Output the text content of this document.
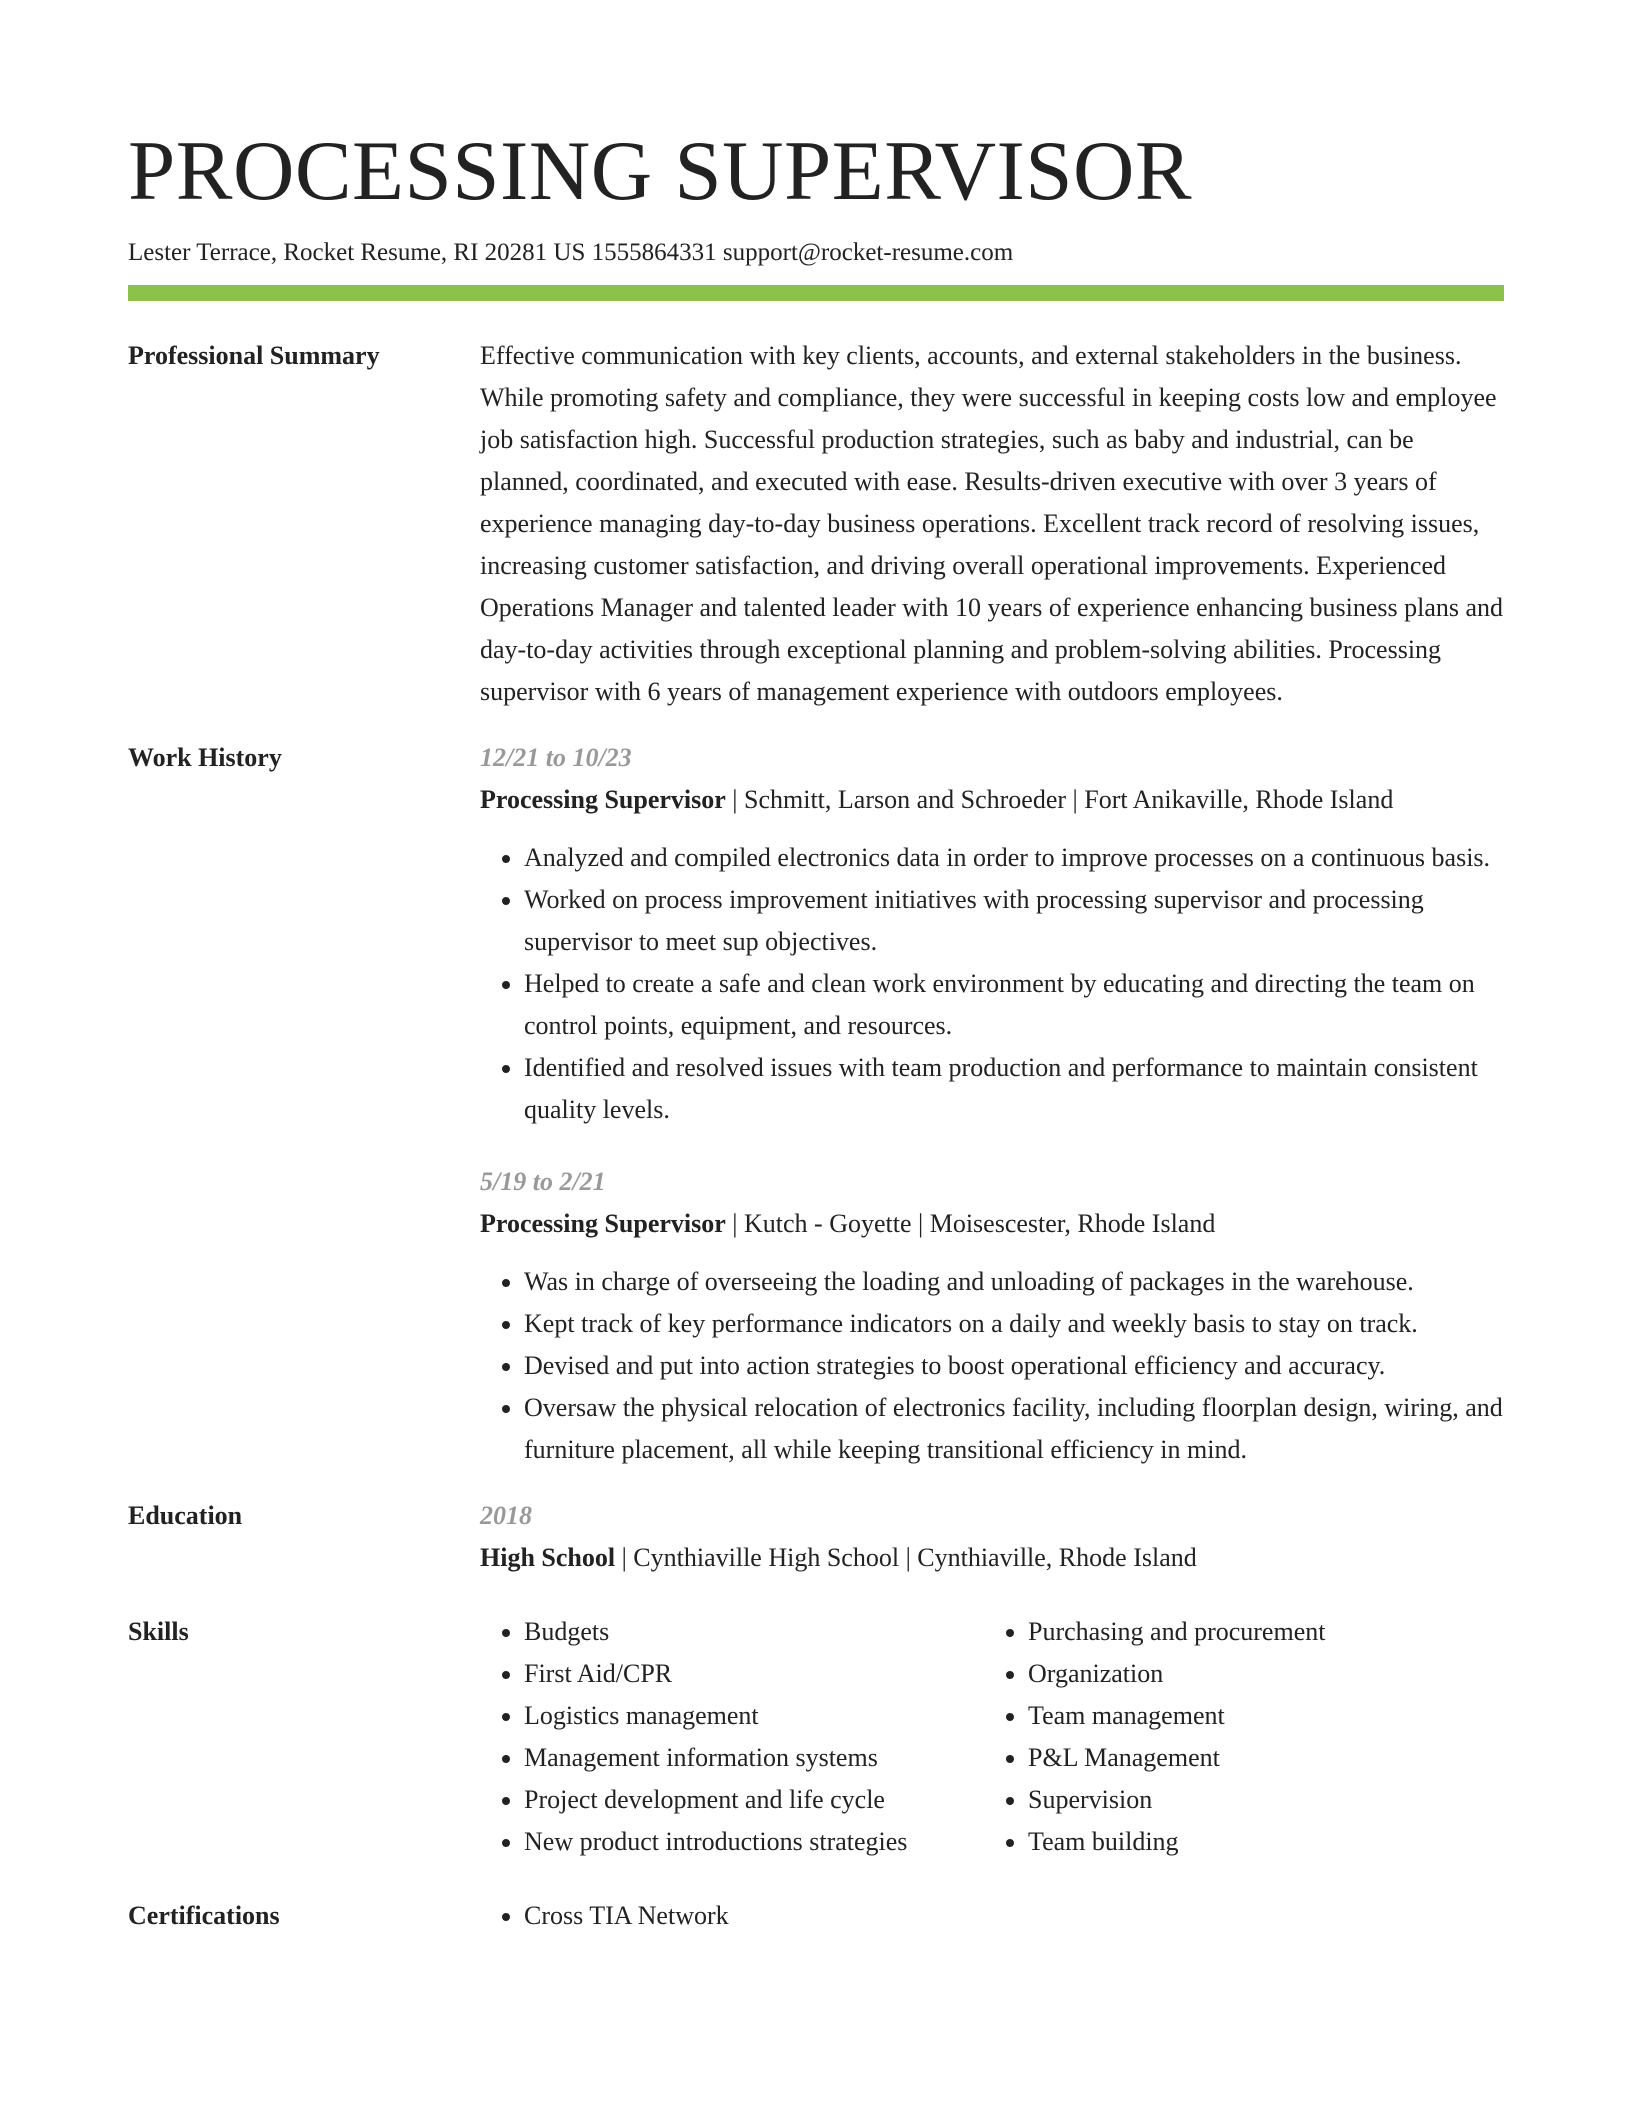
PROCESSING SUPERVISOR
Lester Terrace, Rocket Resume, RI 20281 US 1555864331 support@rocket-resume.com
Professional Summary	Effective communication with key clients, accounts, and external stakeholders in the business. While promoting safety and compliance, they were successful in keeping costs low and employee job satisfaction high. Successful production strategies, such as baby and industrial, can be planned, coordinated, and executed with ease. Results-driven executive with over 3 years of experience managing day-to-day business operations. Excellent track record of resolving issues, increasing customer satisfaction, and driving overall operational improvements. Experienced Operations Manager and talented leader with 10 years of experience enhancing business plans and day-to-day activities through exceptional planning and problem-solving abilities. Processing supervisor with 6 years of management experience with outdoors employees.

Work History	12/21 to 10/23
Processing Supervisor | Schmitt, Larson and Schroeder | Fort Anikaville, Rhode Island
• Analyzed and compiled electronics data in order to improve processes on a continuous basis.
• Worked on process improvement initiatives with processing supervisor and processing supervisor to meet sup objectives.
• Helped to create a safe and clean work environment by educating and directing the team on control points, equipment, and resources.
• Identified and resolved issues with team production and performance to maintain consistent quality levels.
5/19 to 2/21
Processing Supervisor | Kutch - Goyette | Moisescester, Rhode Island
• Was in charge of overseeing the loading and unloading of packages in the warehouse.
• Kept track of key performance indicators on a daily and weekly basis to stay on track.
• Devised and put into action strategies to boost operational efficiency and accuracy.
• Oversaw the physical relocation of electronics facility, including floorplan design, wiring, and furniture placement, all while keeping transitional efficiency in mind.
Education	2018
High School | Cynthiaville High School | Cynthiaville, Rhode Island
Skills	• Budgets
• First Aid/CPR
• Logistics management
• Management information systems
• Project development and life cycle
• New product introductions strategies
• Purchasing and procurement
• Organization
• Team management
• P&L Management
• Supervision
• Team building
Certifications	• Cross TIA Network
